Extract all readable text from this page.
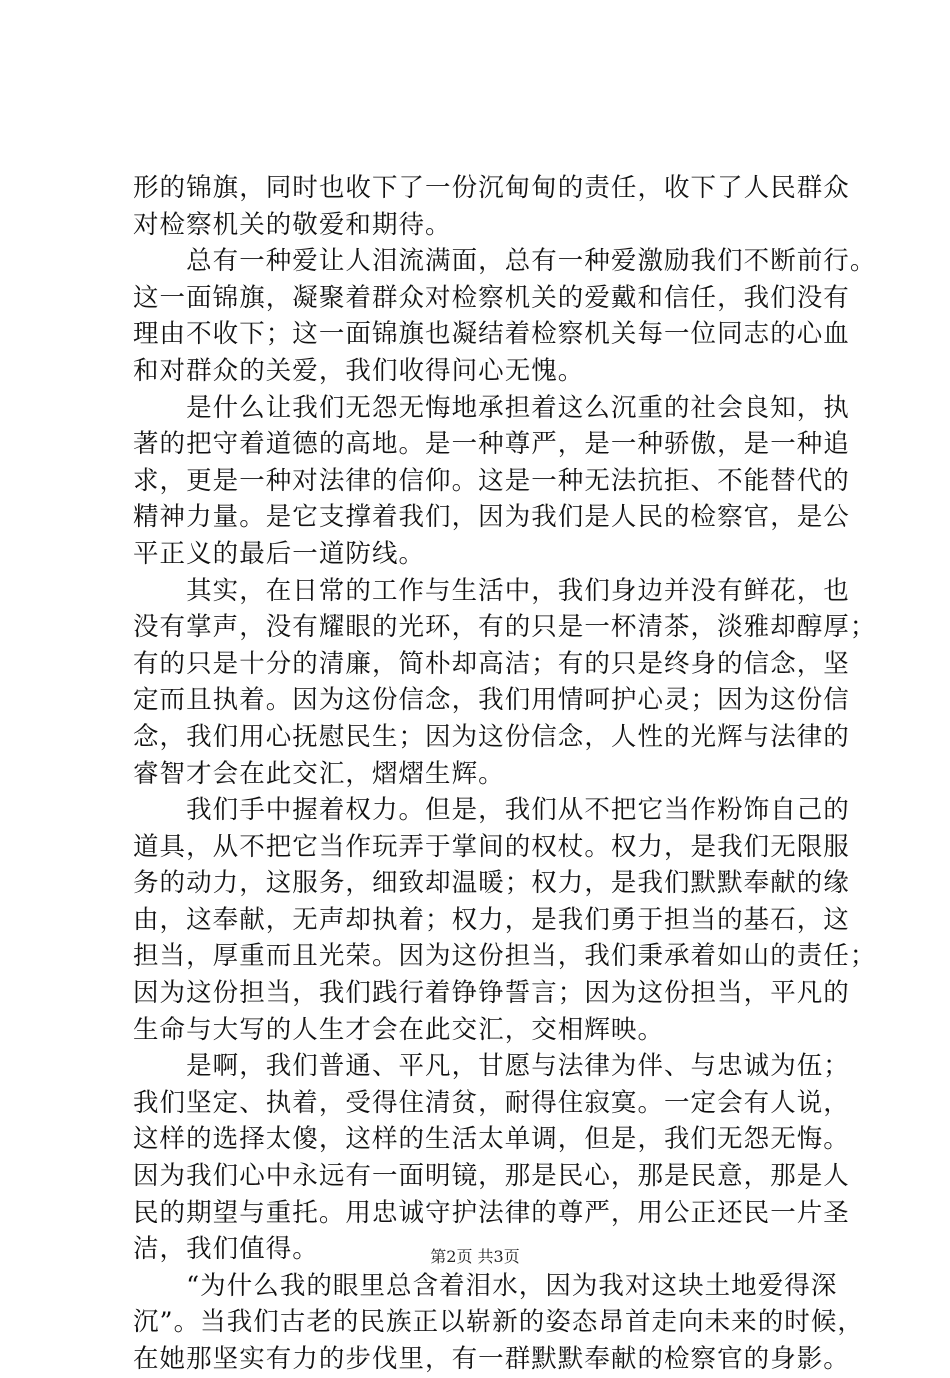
形的锦旗，同时也收下了一份沉甸甸的责任，收下了人民群众
对检察机关的敬爱和期待。
　　总有一种爱让人泪流满面，总有一种爱激励我们不断前行。
这一面锦旗，凝聚着群众对检察机关的爱戴和信任，我们没有
理由不收下；这一面锦旗也凝结着检察机关每一位同志的心血
和对群众的关爱，我们收得问心无愧。
　　是什么让我们无怨无悔地承担着这么沉重的社会良知，执
著的把守着道德的高地。是一种尊严，是一种骄傲，是一种追
求，更是一种对法律的信仰。这是一种无法抗拒、不能替代的
精神力量。是它支撑着我们，因为我们是人民的检察官，是公
平正义的最后一道防线。
　　其实，在日常的工作与生活中，我们身边并没有鲜花，也
没有掌声，没有耀眼的光环，有的只是一杯清茶，淡雅却醇厚；
有的只是十分的清廉，简朴却高洁；有的只是终身的信念，坚
定而且执着。因为这份信念，我们用情呵护心灵；因为这份信
念，我们用心抚慰民生；因为这份信念，人性的光辉与法律的
睿智才会在此交汇，熠熠生辉。
　　我们手中握着权力。但是，我们从不把它当作粉饰自己的
道具，从不把它当作玩弄于掌间的权杖。权力，是我们无限服
务的动力，这服务，细致却温暖；权力，是我们默默奉献的缘
由，这奉献，无声却执着；权力，是我们勇于担当的基石，这
担当，厚重而且光荣。因为这份担当，我们秉承着如山的责任；
因为这份担当，我们践行着铮铮誓言；因为这份担当，平凡的
生命与大写的人生才会在此交汇，交相辉映。
　　是啊，我们普通、平凡，甘愿与法律为伴、与忠诚为伍；
我们坚定、执着，受得住清贫，耐得住寂寞。一定会有人说，
这样的选择太傻，这样的生活太单调，但是，我们无怨无悔。
因为我们心中永远有一面明镜，那是民心，那是民意，那是人
民的期望与重托。用忠诚守护法律的尊严，用公正还民一片圣
洁，我们值得。
　　“为什么我的眼里总含着泪水，因为我对这块土地爱得深
沉”。当我们古老的民族正以崭新的姿态昂首走向未来的时候，
在她那坚实有力的步伐里，有一群默默奉献的检察官的身影。
第2页 共3页
